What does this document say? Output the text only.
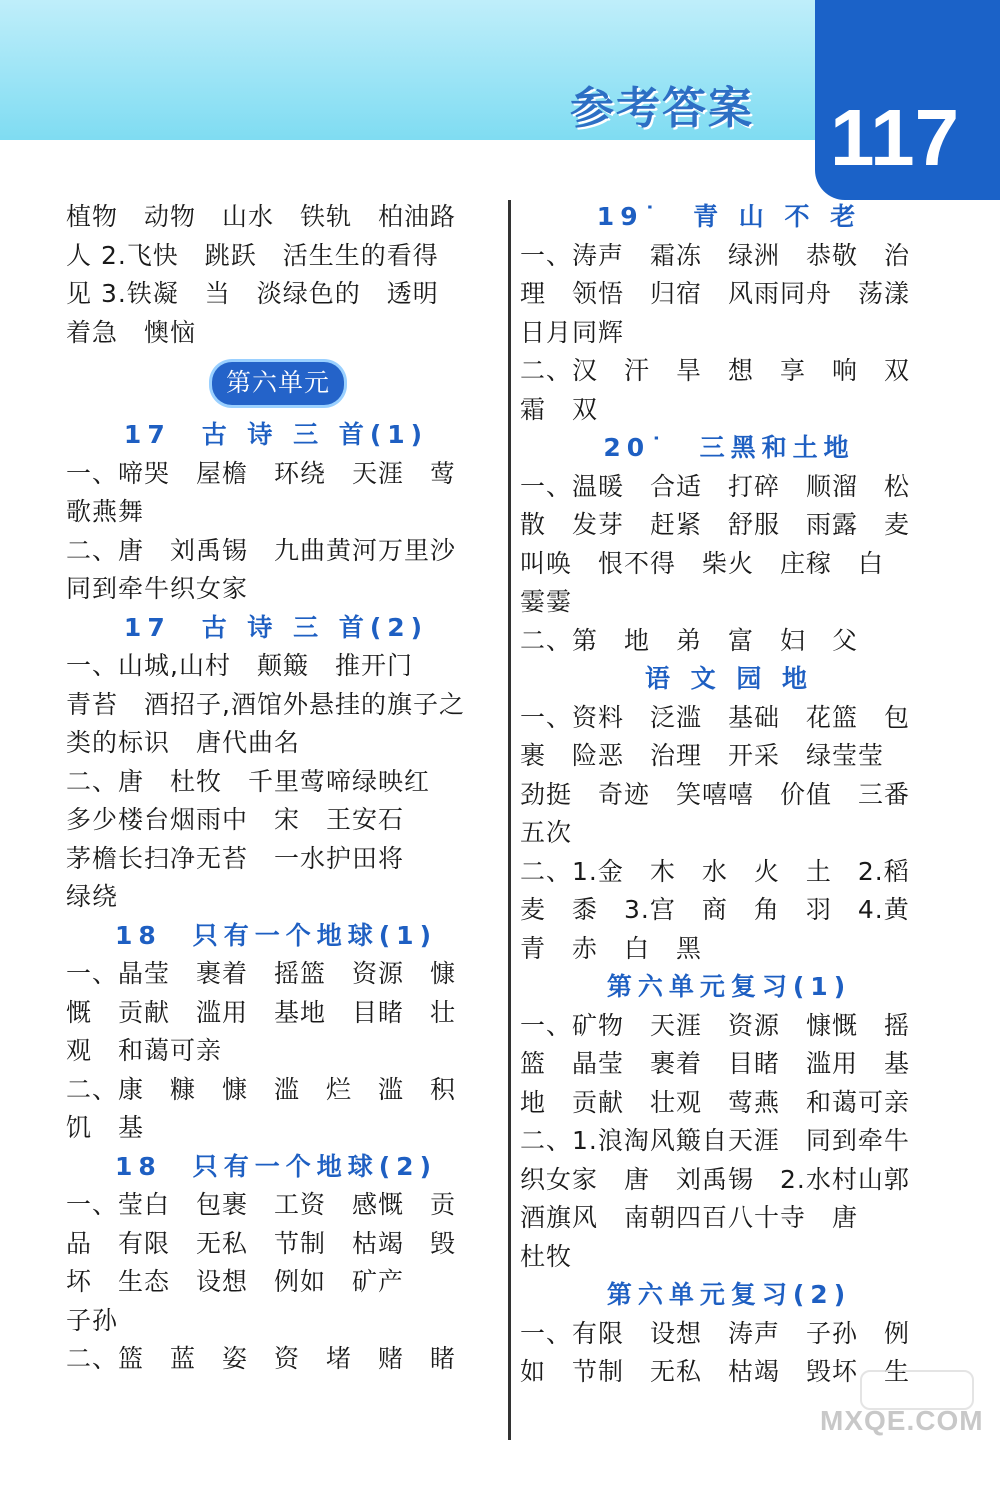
参考答案 117
植物　动物　山水　铁轨　柏油路
人 2.飞快　跳跃　活生生的看得
见 3.铁凝　当　淡绿色的　透明
着急　懊恼
第六单元
17　古 诗 三 首(1)
一、啼哭　屋檐　环绕　天涯　莺
歌燕舞
二、唐　刘禹锡　九曲黄河万里沙
同到牵牛织女家
17　古 诗 三 首(2)
一、山城,山村　颠簸　推开门
青苔　酒招子,酒馆外悬挂的旗子之
类的标识　唐代曲名
二、唐　杜牧　千里莺啼绿映红
多少楼台烟雨中　宋　王安石
茅檐长扫净无苔　一水护田将
绿绕
18　只有一个地球(1)
一、晶莹　裹着　摇篮　资源　慷
慨　贡献　滥用　基地　目睹　壮
观　和蔼可亲
二、康　糠　慷　滥　烂　滥　积
饥　基
18　只有一个地球(2)
一、莹白　包裹　工资　感慨　贡
品　有限　无私　节制　枯竭　毁
坏　生态　设想　例如　矿产
子孙
二、篮　蓝　姿　资　堵　赌　睹
19˙　青 山 不 老
一、涛声　霜冻　绿洲　恭敬　治
理　领悟　归宿　风雨同舟　荡漾
日月同辉
二、汉　汗　旱　想　享　响　双
霜　双
20˙　三黑和土地
一、温暖　合适　打碎　顺溜　松
散　发芽　赶紧　舒服　雨露　麦
叫唤　恨不得　柴火　庄稼　白
霎霎
二、第　地　弟　富　妇　父
语 文 园 地
一、资料　泛滥　基础　花篮　包
裹　险恶　治理　开采　绿莹莹
劲挺　奇迹　笑嘻嘻　价值　三番
五次
二、1.金　木　水　火　土　2.稻
麦　黍　3.宫　商　角　羽　4.黄
青　赤　白　黑
第六单元复习(1)
一、矿物　天涯　资源　慷慨　摇
篮　晶莹　裹着　目睹　滥用　基
地　贡献　壮观　莺燕　和蔼可亲
二、1.浪淘风簸自天涯　同到牵牛
织女家　唐　刘禹锡　2.水村山郭
酒旗风　南朝四百八十寺　唐
杜牧
第六单元复习(2)
一、有限　设想　涛声　子孙　例
如　节制　无私　枯竭　毁坏　生
MXQE.COM
